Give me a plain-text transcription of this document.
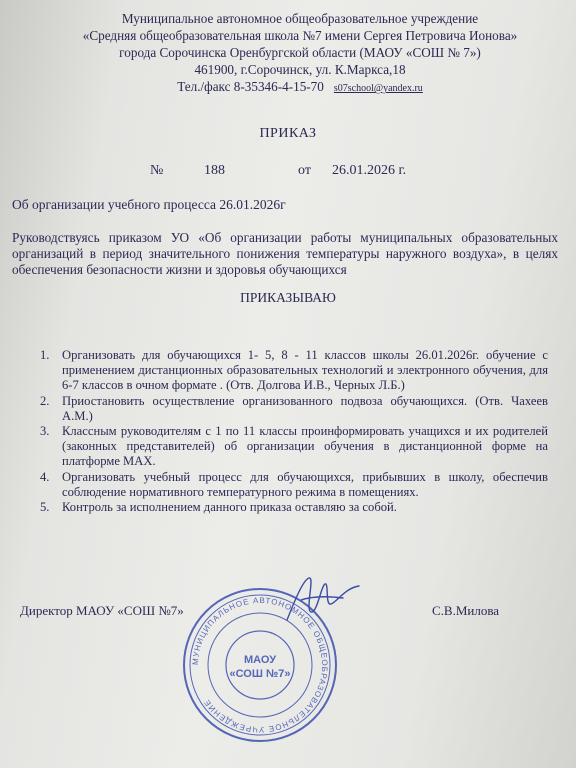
Муниципальное автономное общеобразовательное учреждение
«Средняя общеобразовательная школа №7 имени Сергея Петровича Ионова»
города Сорочинска Оренбургской области (МАОУ «СОШ № 7»)
461900, г.Сорочинск, ул. К.Маркса,18
Тел./факс 8-35346-4-15-70 s07school@yandex.ru
ПРИКАЗ
№	188	от 26.01.2026 г.
Об организации учебного процесса 26.01.2026г
Руководствуясь приказом УО «Об организации работы муниципальных образовательных организаций в период значительного понижения температуры наружного воздуха», в целях обеспечения безопасности жизни и здоровья обучающихся
ПРИКАЗЫВАЮ
1. Организовать для обучающихся 1- 5, 8 - 11 классов школы 26.01.2026г. обучение с применением дистанционных образовательных технологий и электронного обучения, для 6-7 классов в очном формате . (Отв. Долгова И.В., Черных Л.Б.)
2. Приостановить осуществление организованного подвоза обучающихся. (Отв. Чахеев А.М.)
3. Классным руководителям с 1 по 11 классы проинформировать учащихся и их родителей (законных представителей) об организации обучения в дистанционной форме на платформе MAX.
4. Организовать учебный процесс для обучающихся, прибывших в школу, обеспечив соблюдение нормативного температурного режима в помещениях.
5. Контроль за исполнением данного приказа оставляю за собой.
Директор МАОУ «СОШ №7»	С.В.Милова
МУНИЦИПАЛЬНОЕ АВТОНОМНОЕ ОБЩЕОБРАЗОВАТЕЛЬНОЕ УЧРЕЖДЕНИЕ
МАОУ
«СОШ №7»
